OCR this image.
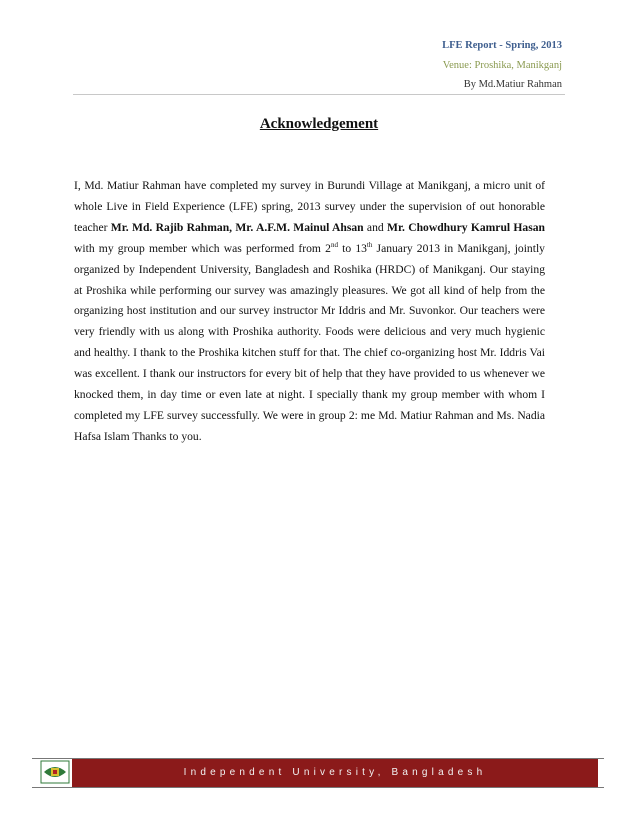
LFE Report - Spring, 2013
Venue: Proshika, Manikganj
By Md.Matiur Rahman
Acknowledgement

I, Md. Matiur Rahman have completed my survey in Burundi Village at Manikganj, a micro unit of whole Live in Field Experience (LFE) spring, 2013 survey under the supervision of out honorable teacher Mr. Md. Rajib Rahman, Mr. A.F.M. Mainul Ahsan and Mr. Chowdhury Kamrul Hasan with my group member which was performed from 2nd to 13th January 2013 in Manikganj, jointly organized by Independent University, Bangladesh and Roshika (HRDC) of Manikganj. Our staying at Proshika while performing our survey was amazingly pleasures. We got all kind of help from the organizing host institution and our survey instructor Mr Iddris and Mr. Suvonkor. Our teachers were very friendly with us along with Proshika authority. Foods were delicious and very much hygienic and healthy. I thank to the Proshika kitchen stuff for that. The chief co-organizing host Mr. Iddris Vai was excellent. I thank our instructors for every bit of help that they have provided to us whenever we knocked them, in day time or even late at night. I specially thank my group member with whom I completed my LFE survey successfully. We were in group 2: me Md. Matiur Rahman and Ms. Nadia Hafsa Islam Thanks to you.

Independent University, Bangladesh
